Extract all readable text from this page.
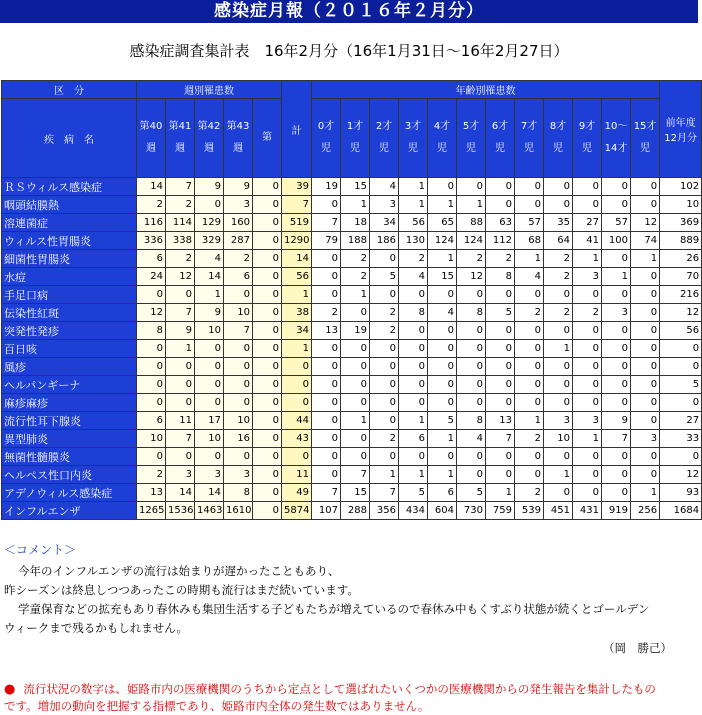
感染症月報（２０１６年２月分）
感染症調査集計表　16年2月分（16年1月31日〜16年2月27日）
区　分	週別罹患数					計	年齢別罹患数												前年度 12月分
疾　病　名	第40週	第41週	第42週	第43週	第		0才児	1才児	2才児	3才児	4才児	5才児	6才児	7才児	8才児	9才児	10〜14才	15才児	
ＲＳウィルス感染症	14	7	9	9	0	39	19	15	4	1	0	0	0	0	0	0	0	0	102
咽頭結膜熱	2	2	0	3	0	7	0	1	3	1	1	1	0	0	0	0	0	0	10
溶連菌症	116	114	129	160	0	519	7	18	34	56	65	88	63	57	35	27	57	12	369
ウィルス性胃腸炎	336	338	329	287	0	1290	79	188	186	130	124	124	112	68	64	41	100	74	889
細菌性胃腸炎	6	2	4	2	0	14	0	2	0	2	1	2	2	1	2	1	0	1	26
水痘	24	12	14	6	0	56	0	2	5	4	15	12	8	4	2	3	1	0	70
手足口病	0	0	1	0	0	1	0	1	0	0	0	0	0	0	0	0	0	0	216
伝染性紅斑	12	7	9	10	0	38	2	0	2	8	4	8	5	2	2	2	3	0	12
突発性発疹	8	9	10	7	0	34	13	19	2	0	0	0	0	0	0	0	0	0	56
百日咳	0	1	0	0	0	1	0	0	0	0	0	0	0	0	1	0	0	0	0
風疹	0	0	0	0	0	0	0	0	0	0	0	0	0	0	0	0	0	0	0
ヘルパンギーナ	0	0	0	0	0	0	0	0	0	0	0	0	0	0	0	0	0	0	5
麻疹麻疹	0	0	0	0	0	0	0	0	0	0	0	0	0	0	0	0	0	0	0
流行性耳下腺炎	6	11	17	10	0	44	0	1	0	1	5	8	13	1	3	3	9	0	27
異型肺炎	10	7	10	16	0	43	0	0	2	6	1	4	7	2	10	1	7	3	33
無菌性髄膜炎	0	0	0	0	0	0	0	0	0	0	0	0	0	0	0	0	0	0	0
ヘルペス性口内炎	2	3	3	3	0	11	0	7	1	1	1	0	0	0	1	0	0	0	12
アデノウィルス感染症	13	14	14	8	0	49	7	15	7	5	6	5	1	2	0	0	0	1	93
インフルエンザ	1265	1536	1463	1610	0	5874	107	288	356	434	604	730	759	539	451	431	919	256	1684
＜コメント＞
今年のインフルエンザの流行は始まりが遅かったこともあり、
昨シーズンは終息しつつあったこの時期も流行はまだ続いています。
学童保育などの拡充もあり春休みも集団生活する子どもたちが増えているので春休み中もくすぶり状態が続くとゴールデン
ウィークまで残るかもしれません。
（岡　勝己）
● 流行状況の数字は、姫路市内の医療機関のうちから定点として選ばれたいくつかの医療機関からの発生報告を集計したもの
です。増加の動向を把握する指標であり、姫路市内全体の発生数ではありません。
